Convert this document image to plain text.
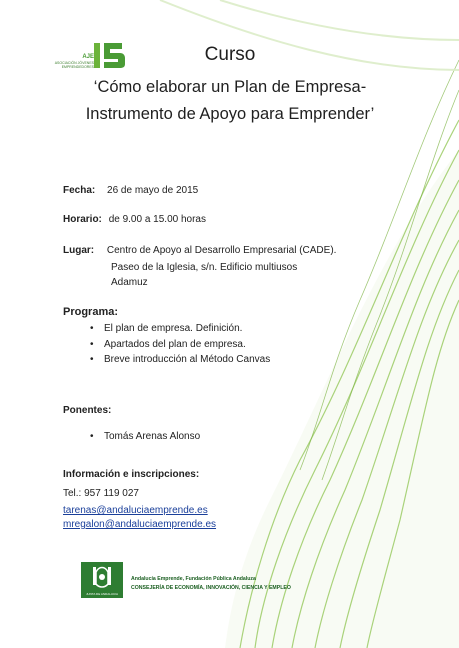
AJE
ASOCIACIÓN JÓVENES
EMPRENDEDORES
Curso
‘Cómo elaborar un Plan de Empresa-
Instrumento de Apoyo para Emprender’
Fecha: 26 de mayo de 2015
Horario: de 9.00 a 15.00 horas
Lugar: Centro de Apoyo al Desarrollo Empresarial (CADE).
Paseo de la Iglesia, s/n. Edificio multiusos
Adamuz
Programa:
• El plan de empresa. Definición.
• Apartados del plan de empresa.
• Breve introducción al Método Canvas
Ponentes:
• Tomás Arenas Alonso
Información e inscripciones:
Tel.: 957 119 027
tarenas@andaluciaemprende.es
mregalon@andaluciaemprende.es
JUNTA DE ANDALUCIA
Andalucía Emprende, Fundación Pública Andaluza
CONSEJERÍA DE ECONOMÍA, INNOVACIÓN, CIENCIA Y EMPLEO
